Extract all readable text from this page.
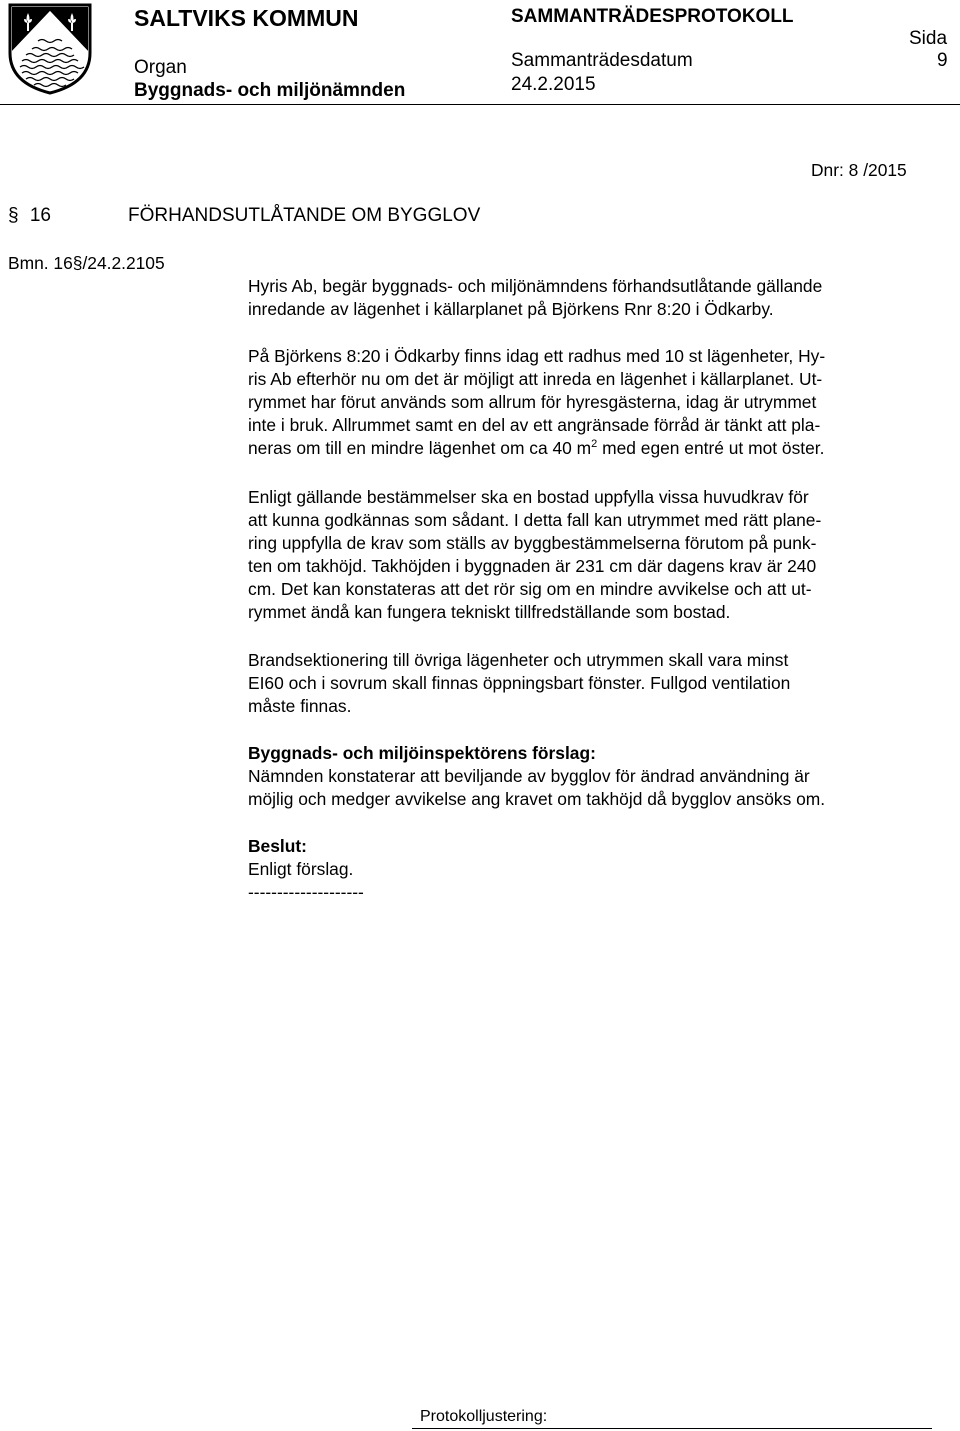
SALTVIKS KOMMUN	SAMMANTRÄDESPROTOKOLL
Sida
Organ	Sammanträdesdatum	9
Byggnads- och miljönämnden	24.2.2015
Dnr: 8 /2015
§ 16	FÖRHANDSUTLÅTANDE OM BYGGLOV
Bmn. 16§/24.2.2105
Hyris Ab, begär byggnads- och miljönämndens förhandsutlåtande gällande
inredande av lägenhet i källarplanet på Björkens Rnr 8:20 i Ödkarby.
På Björkens 8:20 i Ödkarby finns idag ett radhus med 10 st lägenheter, Hy-
ris Ab efterhör nu om det är möjligt att inreda en lägenhet i källarplanet. Ut-
rymmet har förut används som allrum för hyresgästerna, idag är utrymmet
inte i bruk. Allrummet samt en del av ett angränsade förråd är tänkt att pla-
neras om till en mindre lägenhet om ca 40 $m^2$ med egen entré ut mot öster.
Enligt gällande bestämmelser ska en bostad uppfylla vissa huvudkrav för
att kunna godkännas som sådant. I detta fall kan utrymmet med rätt plane-
ring uppfylla de krav som ställs av byggbestämmelserna förutom på punk-
ten om takhöjd. Takhöjden i byggnaden är 231 cm där dagens krav är 240
cm. Det kan konstateras att det rör sig om en mindre avvikelse och att ut-
rymmet ändå kan fungera tekniskt tillfredställande som bostad.
Brandsektionering till övriga lägenheter och utrymmen skall vara minst
EI60 och i sovrum skall finnas öppningsbart fönster. Fullgod ventilation
måste finnas.
Byggnads- och miljöinspektörens förslag:
Nämnden konstaterar att beviljande av bygglov för ändrad användning är
möjlig och medger avvikelse ang kravet om takhöjd då bygglov ansöks om.
Beslut:
Enligt förslag.
--------------------
Protokolljustering:
